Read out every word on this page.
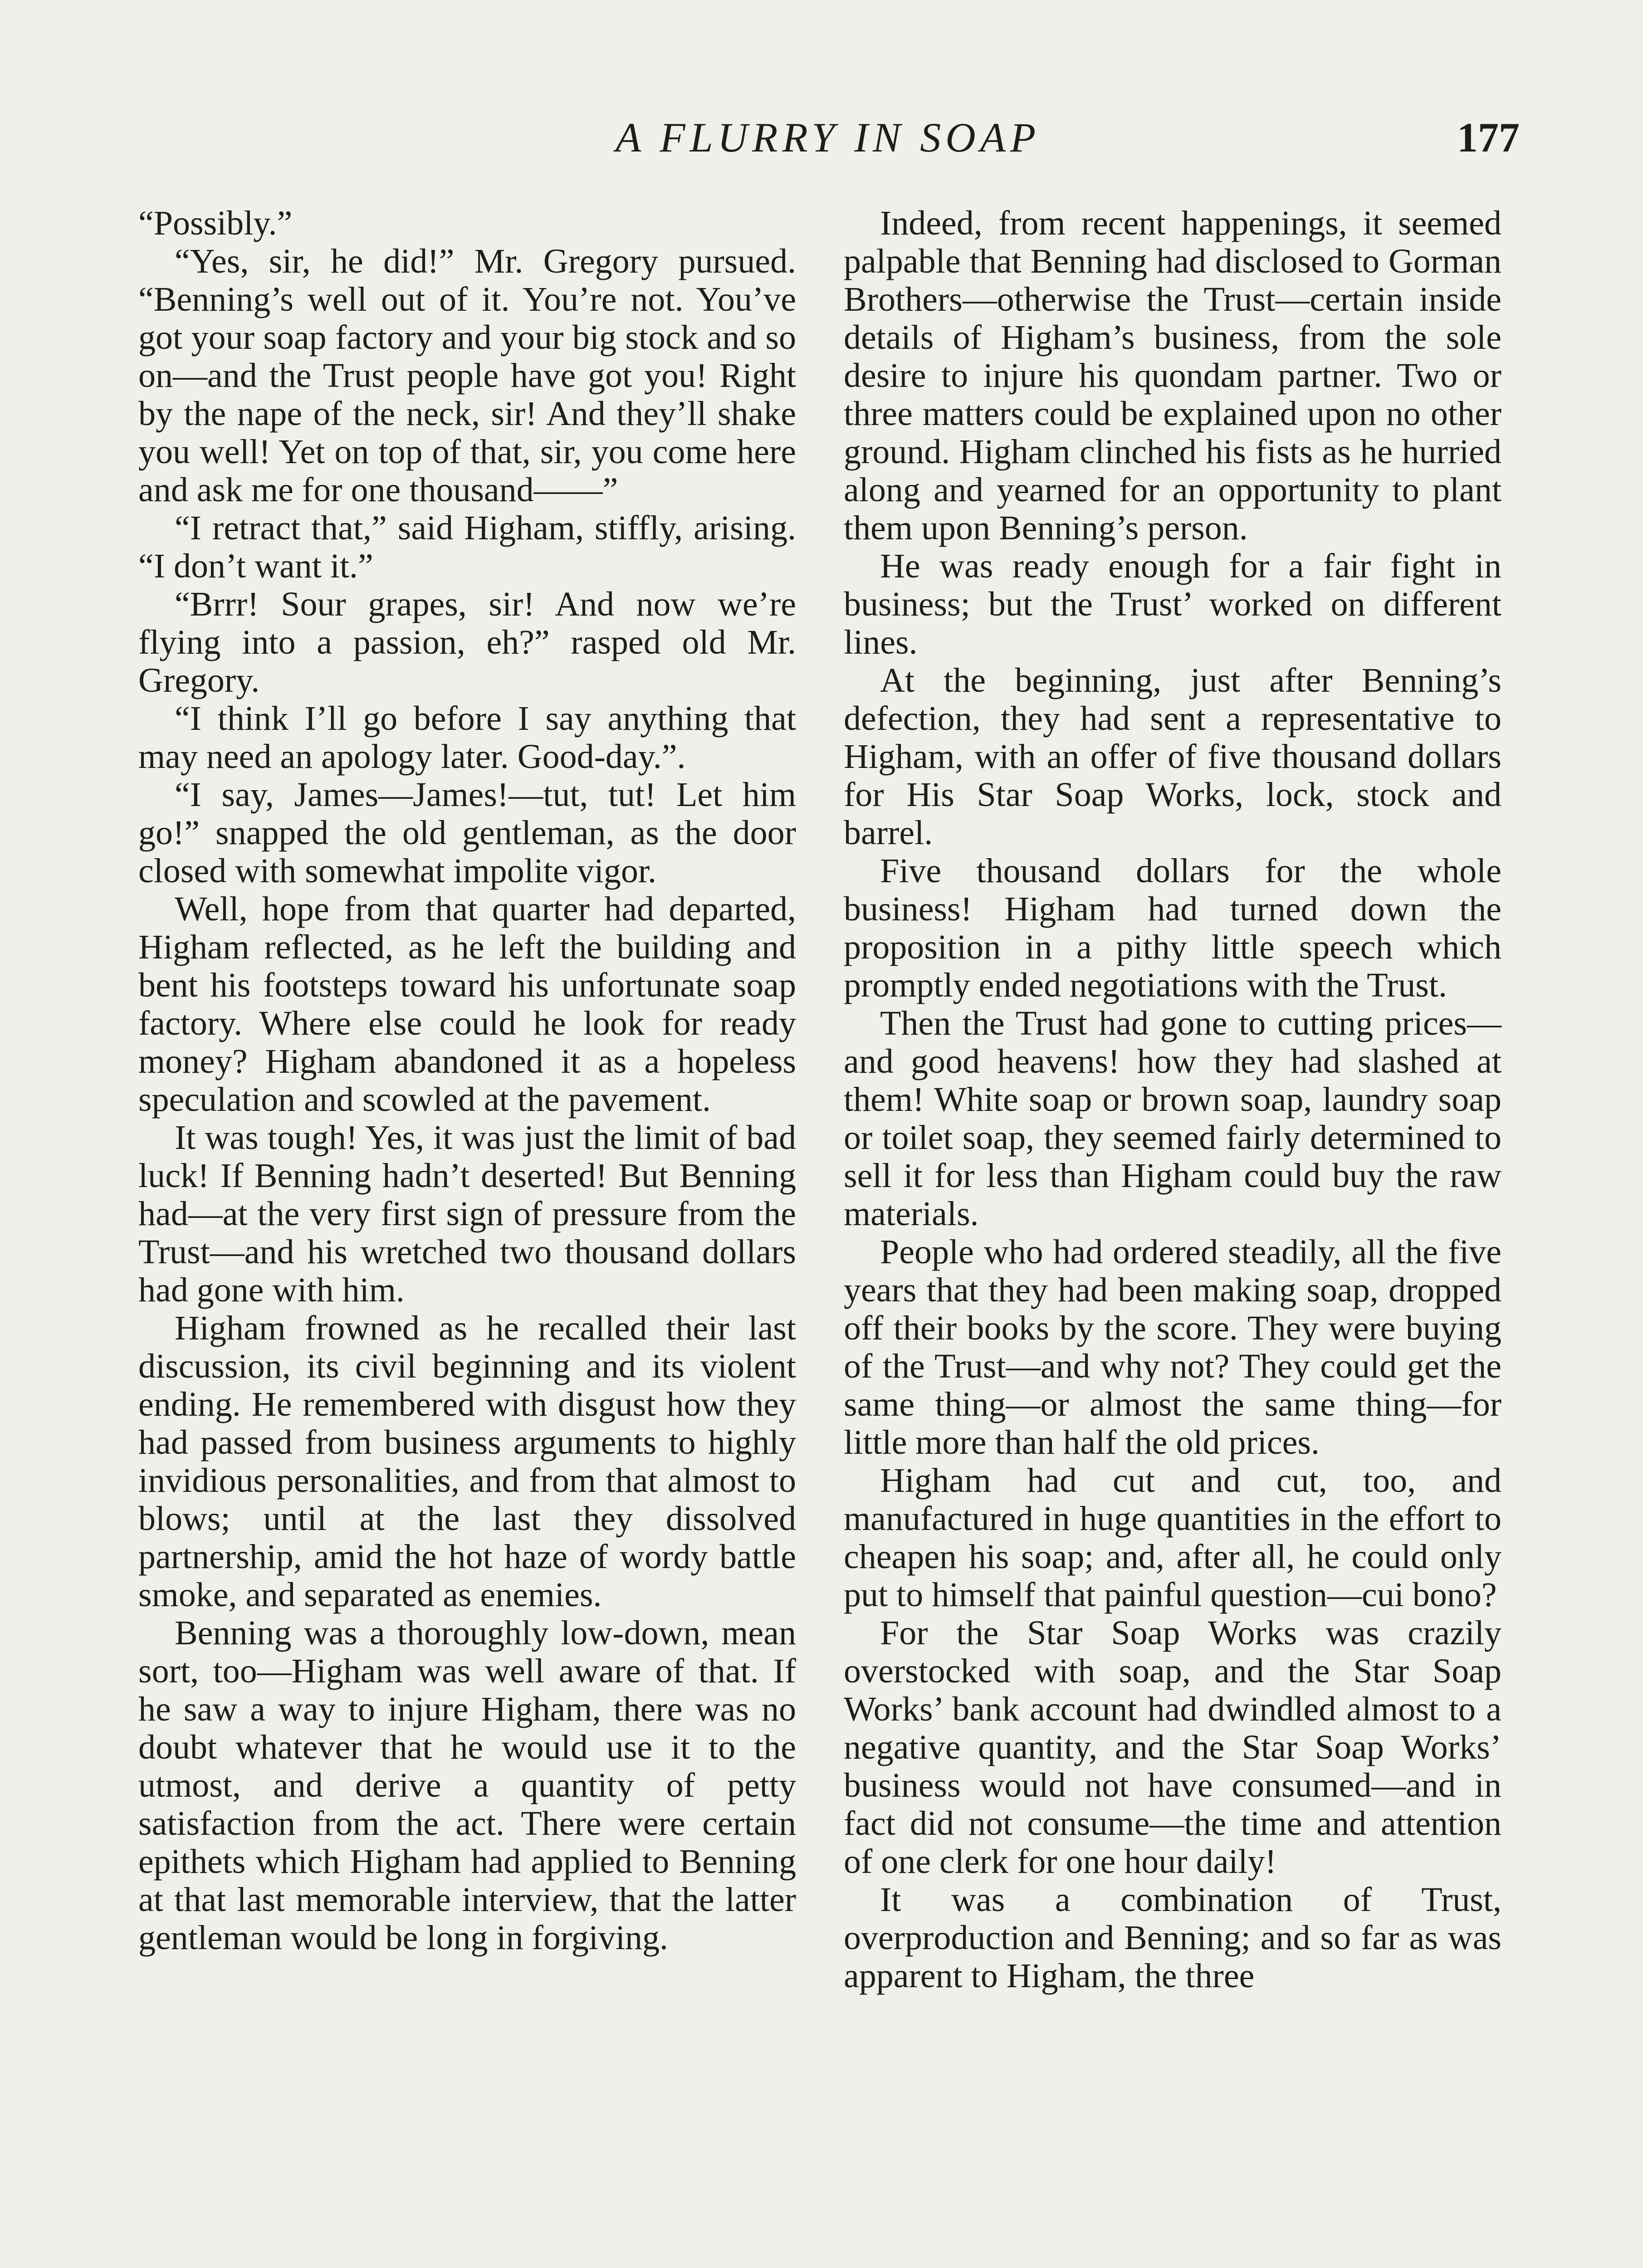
A FLURRY IN SOAP	177

“Possibly.”

“Yes, sir, he did!” Mr. Gregory pursued. “Benning’s well out of it. You’re not. You’ve got your soap factory and your big stock and so on—and the Trust people have got you! Right by the nape of the neck, sir! And they’ll shake you well! Yet on top of that, sir, you come here and ask me for one thousand——”

“I retract that,” said Higham, stiffly, arising. “I don’t want it.”

“Brrr! Sour grapes, sir! And now we’re flying into a passion, eh?” rasped old Mr. Gregory.

“I think I’ll go before I say anything that may need an apology later. Good-day.”.

“I say, James—James!—tut, tut! Let him go!” snapped the old gentleman, as the door closed with somewhat impolite vigor.

Well, hope from that quarter had departed, Higham reflected, as he left the building and bent his footsteps toward his unfortunate soap factory. Where else could he look for ready money? Higham abandoned it as a hopeless speculation and scowled at the pavement.

It was tough! Yes, it was just the limit of bad luck! If Benning hadn’t deserted! But Benning had—at the very first sign of pressure from the Trust—and his wretched two thousand dollars had gone with him.

Higham frowned as he recalled their last discussion, its civil beginning and its violent ending. He remembered with disgust how they had passed from business arguments to highly invidious personalities, and from that almost to blows; until at the last they dissolved partnership, amid the hot haze of wordy battle smoke, and separated as enemies.

Benning was a thoroughly low-down, mean sort, too—Higham was well aware of that. If he saw a way to injure Higham, there was no doubt whatever that he would use it to the utmost, and derive a quantity of petty satisfaction from the act. There were certain epithets which Higham had applied to Benning at that last memorable interview, that the latter gentleman would be long in forgiving.

Indeed, from recent happenings, it seemed palpable that Benning had disclosed to Gorman Brothers—otherwise the Trust—certain inside details of Higham’s business, from the sole desire to injure his quondam partner. Two or three matters could be explained upon no other ground. Higham clinched his fists as he hurried along and yearned for an opportunity to plant them upon Benning’s person.

He was ready enough for a fair fight in business; but the Trust’ worked on different lines.

At the beginning, just after Benning’s defection, they had sent a representative to Higham, with an offer of five thousand dollars for His Star Soap Works, lock, stock and barrel.

Five thousand dollars for the whole business! Higham had turned down the proposition in a pithy little speech which promptly ended negotiations with the Trust.

Then the Trust had gone to cutting prices—and good heavens! how they had slashed at them! White soap or brown soap, laundry soap or toilet soap, they seemed fairly determined to sell it for less than Higham could buy the raw materials.

People who had ordered steadily, all the five years that they had been making soap, dropped off their books by the score. They were buying of the Trust—and why not? They could get the same thing—or almost the same thing—for little more than half the old prices.

Higham had cut and cut, too, and manufactured in huge quantities in the effort to cheapen his soap; and, after all, he could only put to himself that painful question—cui bono?

For the Star Soap Works was crazily overstocked with soap, and the Star Soap Works’ bank account had dwindled almost to a negative quantity, and the Star Soap Works’ business would not have consumed—and in fact did not consume—the time and attention of one clerk for one hour daily!

It was a combination of Trust, overproduction and Benning; and so far as was apparent to Higham, the three
